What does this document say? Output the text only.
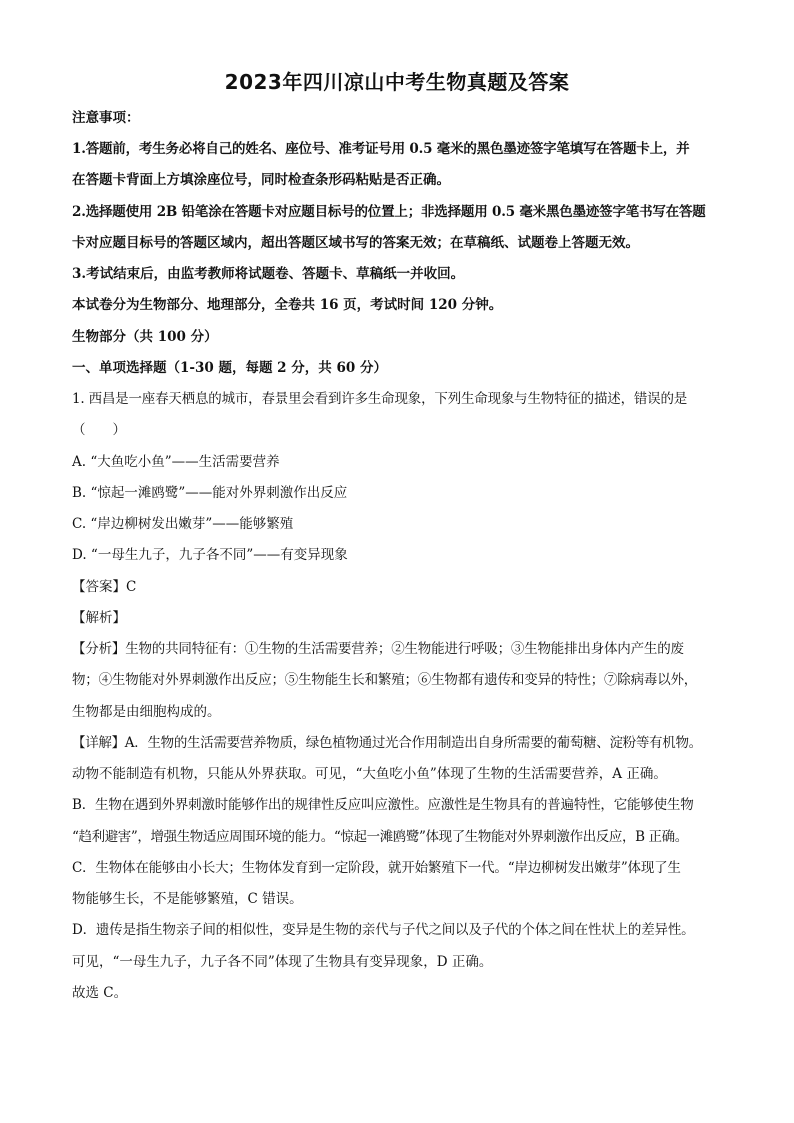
2023年四川凉山中考生物真题及答案
注意事项：
1.答题前，考生务必将自己的姓名、座位号、准考证号用 0.5 毫米的黑色墨迹签字笔填写在答题卡上，并
在答题卡背面上方填涂座位号，同时检查条形码粘贴是否正确。
2.选择题使用 2B 铅笔涂在答题卡对应题目标号的位置上；非选择题用 0.5 毫米黑色墨迹签字笔书写在答题
卡对应题目标号的答题区域内，超出答题区域书写的答案无效；在草稿纸、试题卷上答题无效。
3.考试结束后，由监考教师将试题卷、答题卡、草稿纸一并收回。
本试卷分为生物部分、地理部分，全卷共 16 页，考试时间 120 分钟。
生物部分（共 100 分）
一、单项选择题（1-30 题，每题 2 分，共 60 分）
1. 西昌是一座春天栖息的城市，春景里会看到许多生命现象，下列生命现象与生物特征的描述，错误的是
（　　）
A. “大鱼吃小鱼”——生活需要营养
B. “惊起一滩鸥鹭”——能对外界刺激作出反应
C. “岸边柳树发出嫩芽”——能够繁殖
D. “一母生九子，九子各不同”——有变异现象
【答案】C
【解析】
【分析】生物的共同特征有：①生物的生活需要营养；②生物能进行呼吸；③生物能排出身体内产生的废
物；④生物能对外界刺激作出反应；⑤生物能生长和繁殖；⑥生物都有遗传和变异的特性；⑦除病毒以外，
生物都是由细胞构成的。
【详解】A．生物的生活需要营养物质，绿色植物通过光合作用制造出自身所需要的葡萄糖、淀粉等有机物。
动物不能制造有机物，只能从外界获取。可见，“大鱼吃小鱼”体现了生物的生活需要营养，A 正确。
B．生物在遇到外界刺激时能够作出的规律性反应叫应激性。应激性是生物具有的普遍特性，它能够使生物
“趋利避害”，增强生物适应周围环境的能力。“惊起一滩鸥鹭”体现了生物能对外界刺激作出反应，B 正确。
C．生物体在能够由小长大；生物体发育到一定阶段，就开始繁殖下一代。“岸边柳树发出嫩芽”体现了生
物能够生长，不是能够繁殖，C 错误。
D．遗传是指生物亲子间的相似性，变异是生物的亲代与子代之间以及子代的个体之间在性状上的差异性。
可见，“一母生九子，九子各不同”体现了生物具有变异现象，D 正确。
故选 C。
